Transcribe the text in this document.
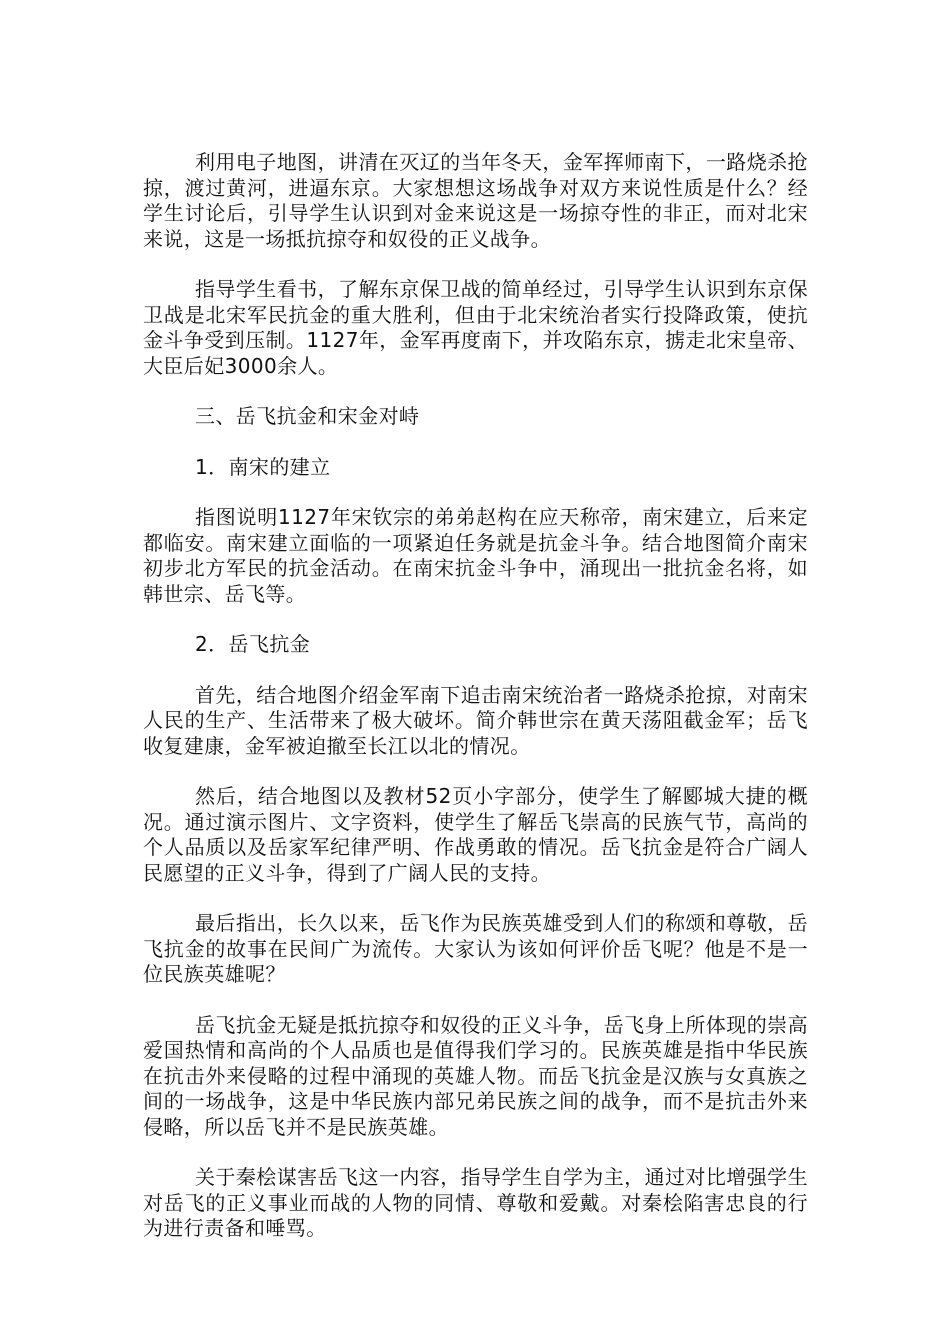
利用电子地图，讲清在灭辽的当年冬天，金军挥师南下，一路烧杀抢掠，渡过黄河，进逼东京。大家想想这场战争对双方来说性质是什么？经学生讨论后，引导学生认识到对金来说这是一场掠夺性的非正，而对北宋来说，这是一场抵抗掠夺和奴役的正义战争。

指导学生看书，了解东京保卫战的简单经过，引导学生认识到东京保卫战是北宋军民抗金的重大胜利，但由于北宋统治者实行投降政策，使抗金斗争受到压制。1127年，金军再度南下，并攻陷东京，掳走北宋皇帝、大臣后妃3000余人。

三、岳飞抗金和宋金对峙

1．南宋的建立

指图说明1127年宋钦宗的弟弟赵构在应天称帝，南宋建立，后来定都临安。南宋建立面临的一项紧迫任务就是抗金斗争。结合地图简介南宋初步北方军民的抗金活动。在南宋抗金斗争中，涌现出一批抗金名将，如韩世宗、岳飞等。

2．岳飞抗金

首先，结合地图介绍金军南下追击南宋统治者一路烧杀抢掠，对南宋人民的生产、生活带来了极大破坏。简介韩世宗在黄天荡阻截金军；岳飞收复建康，金军被迫撤至长江以北的情况。

然后，结合地图以及教材52页小字部分，使学生了解郾城大捷的概况。通过演示图片、文字资料，使学生了解岳飞崇高的民族气节，高尚的个人品质以及岳家军纪律严明、作战勇敢的情况。岳飞抗金是符合广阔人民愿望的正义斗争，得到了广阔人民的支持。

最后指出，长久以来，岳飞作为民族英雄受到人们的称颂和尊敬，岳飞抗金的故事在民间广为流传。大家认为该如何评价岳飞呢？他是不是一位民族英雄呢？

岳飞抗金无疑是抵抗掠夺和奴役的正义斗争，岳飞身上所体现的崇高爱国热情和高尚的个人品质也是值得我们学习的。民族英雄是指中华民族在抗击外来侵略的过程中涌现的英雄人物。而岳飞抗金是汉族与女真族之间的一场战争，这是中华民族内部兄弟民族之间的战争，而不是抗击外来侵略，所以岳飞并不是民族英雄。

关于秦桧谋害岳飞这一内容，指导学生自学为主，通过对比增强学生对岳飞的正义事业而战的人物的同情、尊敬和爱戴。对秦桧陷害忠良的行为进行责备和唾骂。
